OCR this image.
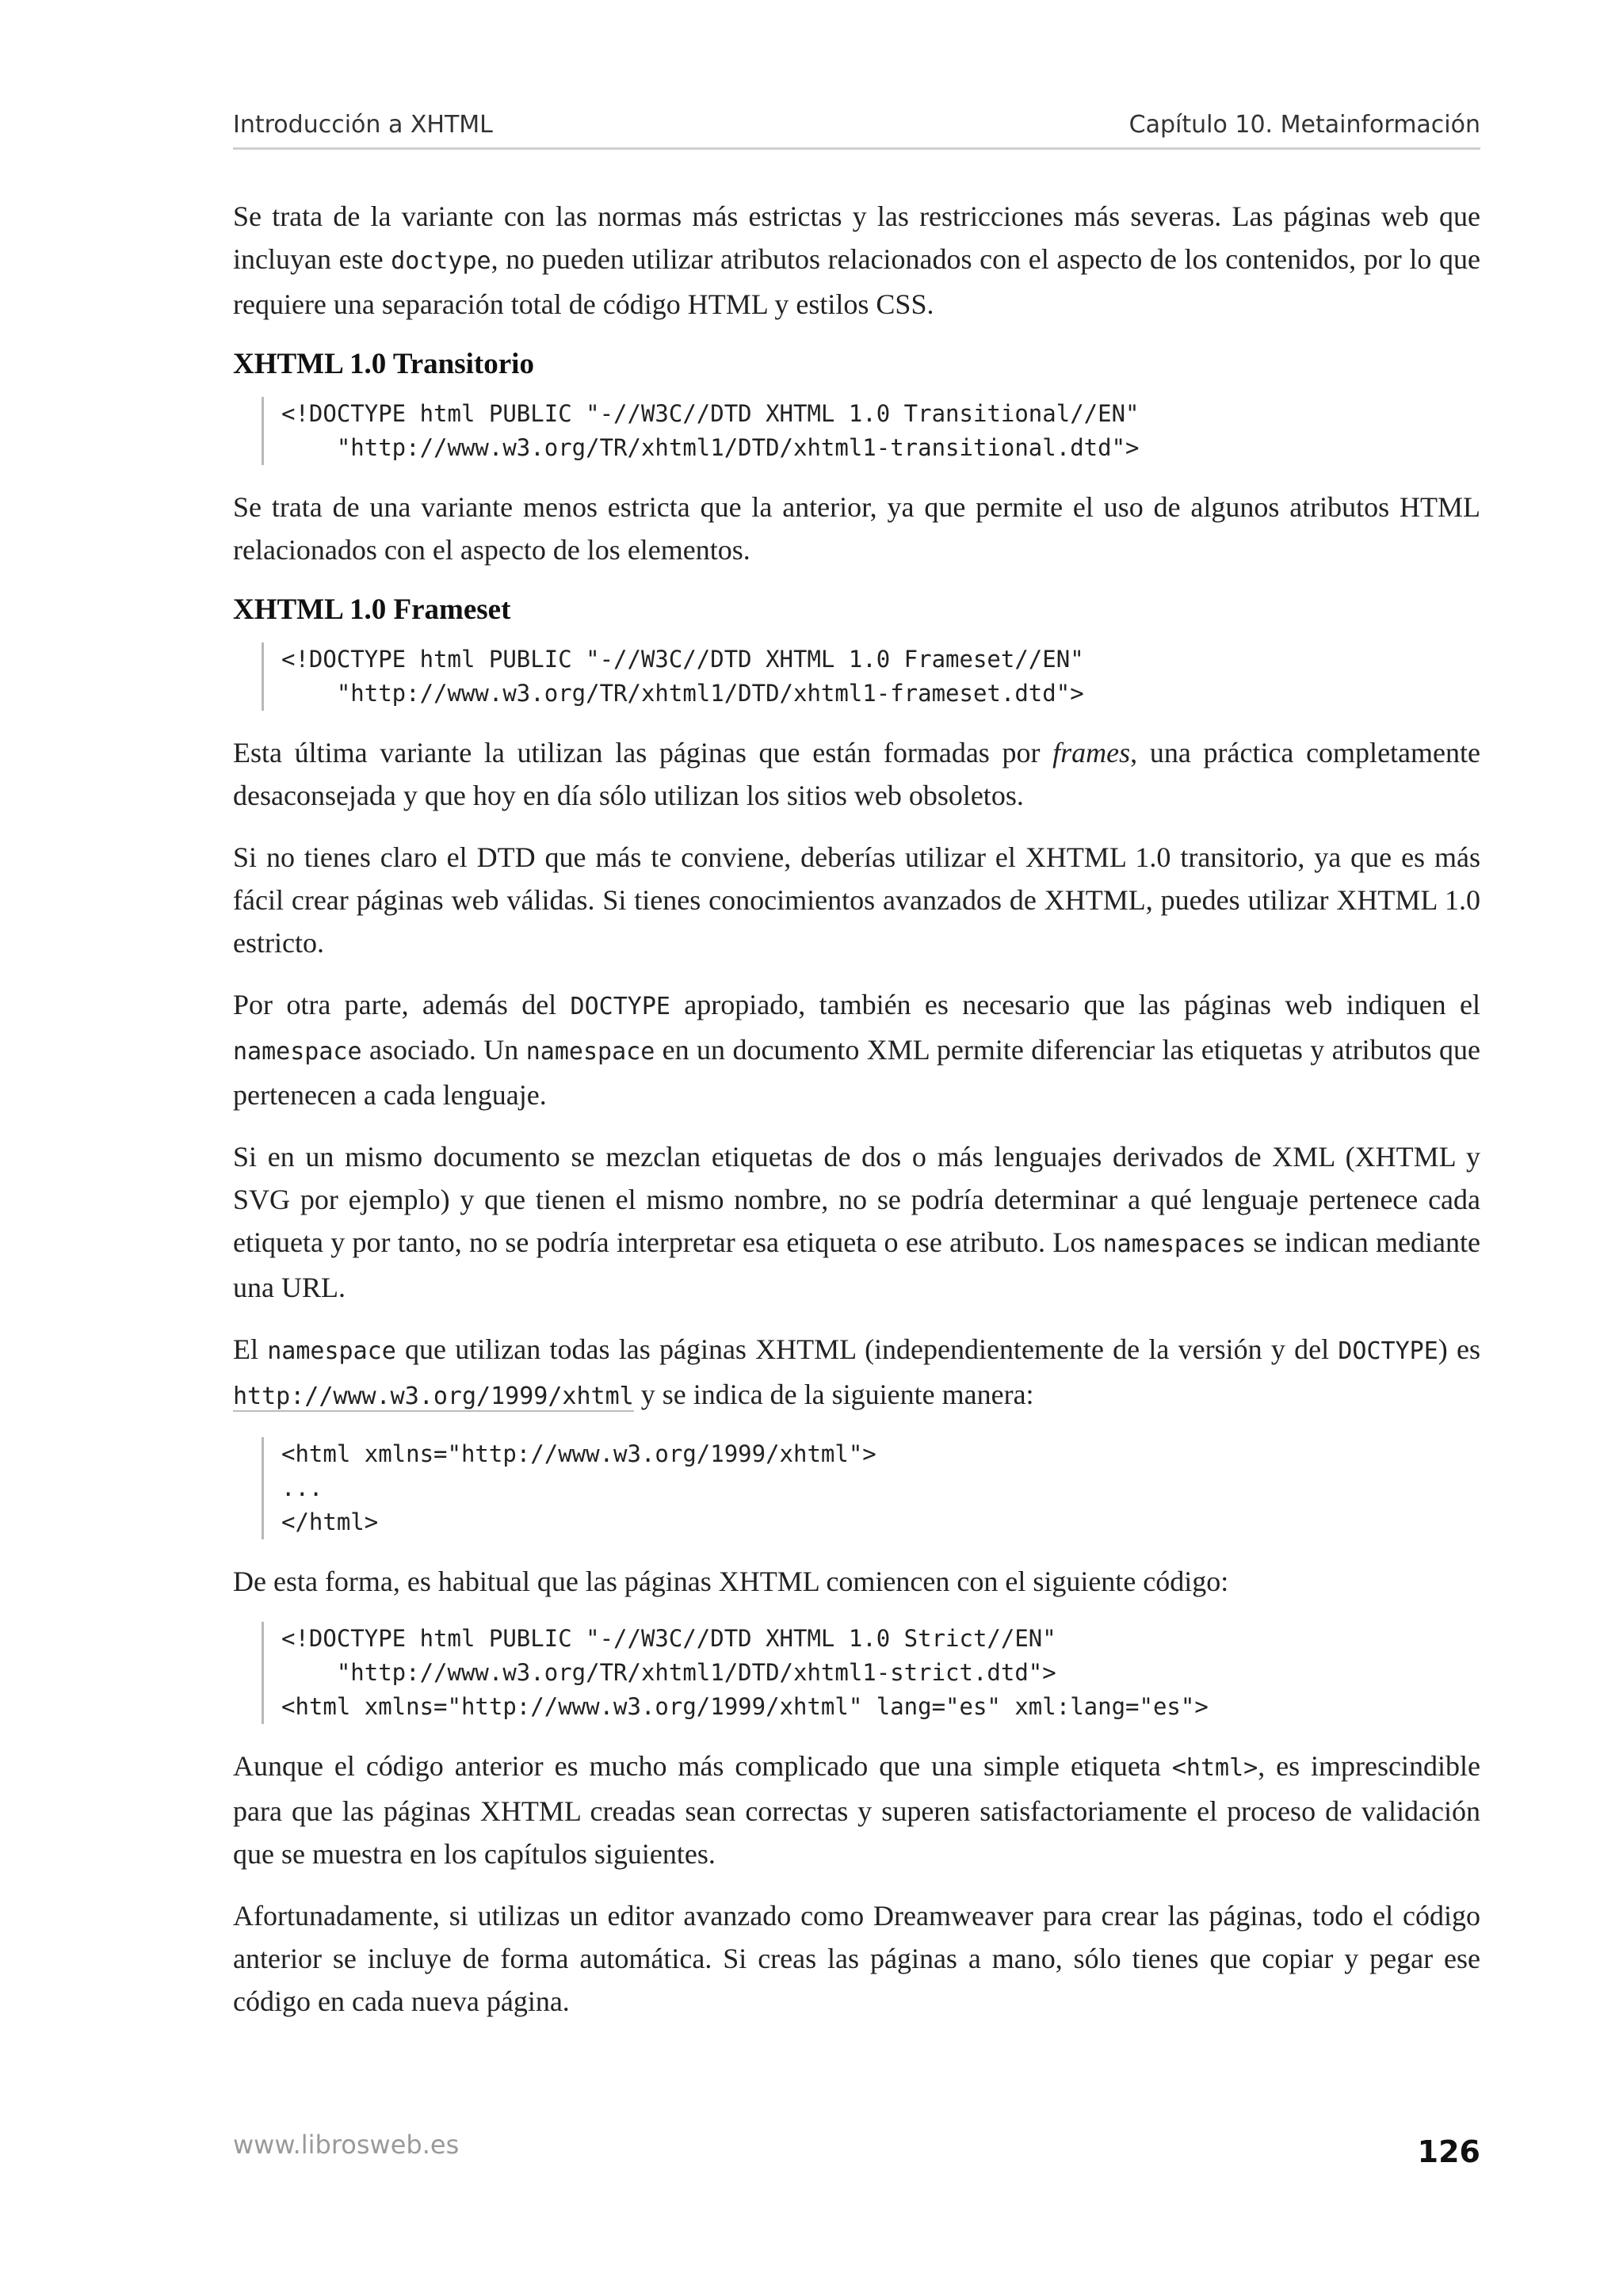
Introducción a XHTML	Capítulo 10. Metainformación

Se trata de la variante con las normas más estrictas y las restricciones más severas. Las páginas web que incluyan este doctype, no pueden utilizar atributos relacionados con el aspecto de los contenidos, por lo que requiere una separación total de código HTML y estilos CSS.

XHTML 1.0 Transitorio
<!DOCTYPE html PUBLIC "-//W3C//DTD XHTML 1.0 Transitional//EN"
"http://www.w3.org/TR/xhtml1/DTD/xhtml1-transitional.dtd">

Se trata de una variante menos estricta que la anterior, ya que permite el uso de algunos atributos HTML relacionados con el aspecto de los elementos.

XHTML 1.0 Frameset
<!DOCTYPE html PUBLIC "-//W3C//DTD XHTML 1.0 Frameset//EN"
"http://www.w3.org/TR/xhtml1/DTD/xhtml1-frameset.dtd">

Esta última variante la utilizan las páginas que están formadas por frames, una práctica completamente desaconsejada y que hoy en día sólo utilizan los sitios web obsoletos.

Si no tienes claro el DTD que más te conviene, deberías utilizar el XHTML 1.0 transitorio, ya que es más fácil crear páginas web válidas. Si tienes conocimientos avanzados de XHTML, puedes utilizar XHTML 1.0 estricto.

Por otra parte, además del DOCTYPE apropiado, también es necesario que las páginas web indiquen el namespace asociado. Un namespace en un documento XML permite diferenciar las etiquetas y atributos que pertenecen a cada lenguaje.

Si en un mismo documento se mezclan etiquetas de dos o más lenguajes derivados de XML (XHTML y SVG por ejemplo) y que tienen el mismo nombre, no se podría determinar a qué lenguaje pertenece cada etiqueta y por tanto, no se podría interpretar esa etiqueta o ese atributo. Los namespaces se indican mediante una URL.

El namespace que utilizan todas las páginas XHTML (independientemente de la versión y del DOCTYPE) es http://www.w3.org/1999/xhtml y se indica de la siguiente manera:

<html xmlns="http://www.w3.org/1999/xhtml">
...
</html>

De esta forma, es habitual que las páginas XHTML comiencen con el siguiente código:

<!DOCTYPE html PUBLIC "-//W3C//DTD XHTML 1.0 Strict//EN"
"http://www.w3.org/TR/xhtml1/DTD/xhtml1-strict.dtd">
<html xmlns="http://www.w3.org/1999/xhtml" lang="es" xml:lang="es">

Aunque el código anterior es mucho más complicado que una simple etiqueta <html>, es imprescindible para que las páginas XHTML creadas sean correctas y superen satisfactoriamente el proceso de validación que se muestra en los capítulos siguientes.

Afortunadamente, si utilizas un editor avanzado como Dreamweaver para crear las páginas, todo el código anterior se incluye de forma automática. Si creas las páginas a mano, sólo tienes que copiar y pegar ese código en cada nueva página.

www.librosweb.es	126
